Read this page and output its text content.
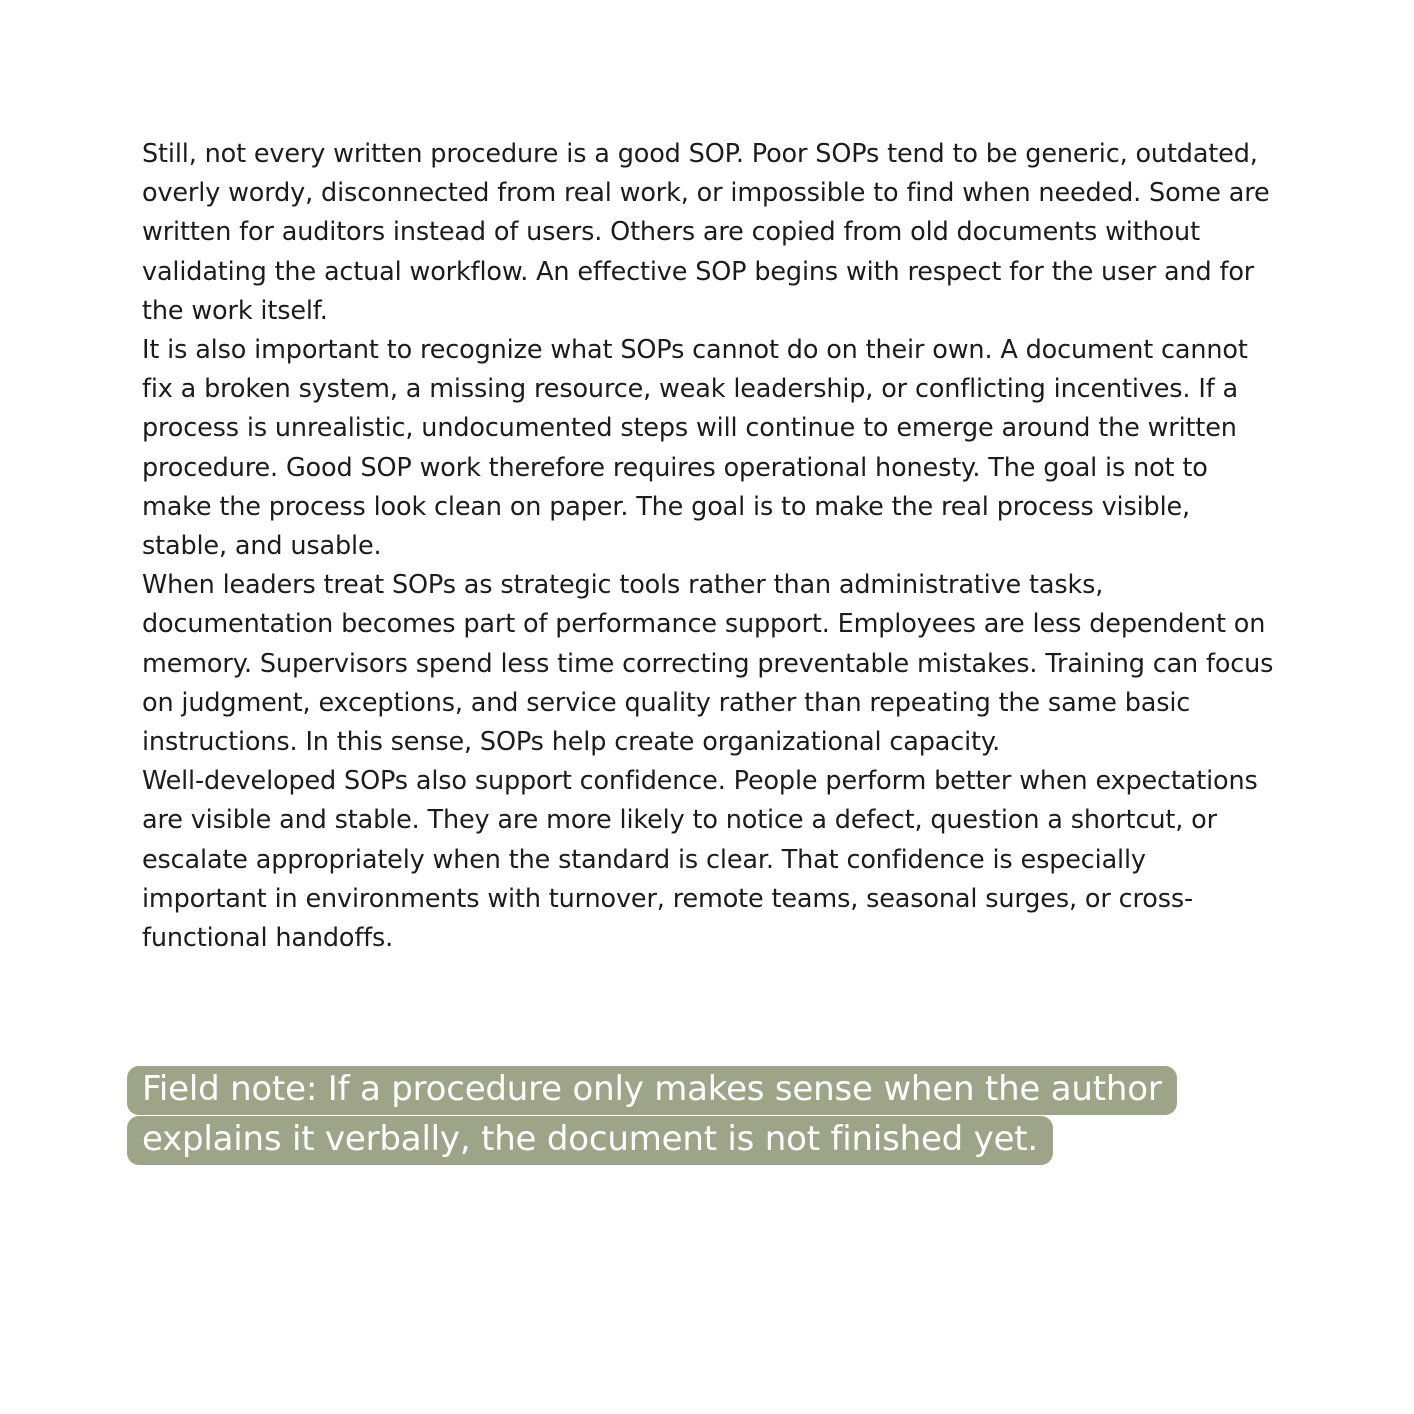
Still, not every written procedure is a good SOP. Poor SOPs tend to be generic, outdated, overly wordy, disconnected from real work, or impossible to find when needed. Some are written for auditors instead of users. Others are copied from old documents without validating the actual workflow. An effective SOP begins with respect for the user and for the work itself.

It is also important to recognize what SOPs cannot do on their own. A document cannot fix a broken system, a missing resource, weak leadership, or conflicting incentives. If a process is unrealistic, undocumented steps will continue to emerge around the written procedure. Good SOP work therefore requires operational honesty. The goal is not to make the process look clean on paper. The goal is to make the real process visible, stable, and usable.

When leaders treat SOPs as strategic tools rather than administrative tasks, documentation becomes part of performance support. Employees are less dependent on memory. Supervisors spend less time correcting preventable mistakes. Training can focus on judgment, exceptions, and service quality rather than repeating the same basic instructions. In this sense, SOPs help create organizational capacity.

Well-developed SOPs also support confidence. People perform better when expectations are visible and stable. They are more likely to notice a defect, question a shortcut, or escalate appropriately when the standard is clear. That confidence is especially important in environments with turnover, remote teams, seasonal surges, or cross-functional handoffs.

Field note: If a procedure only makes sense when the author explains it verbally, the document is not finished yet.
